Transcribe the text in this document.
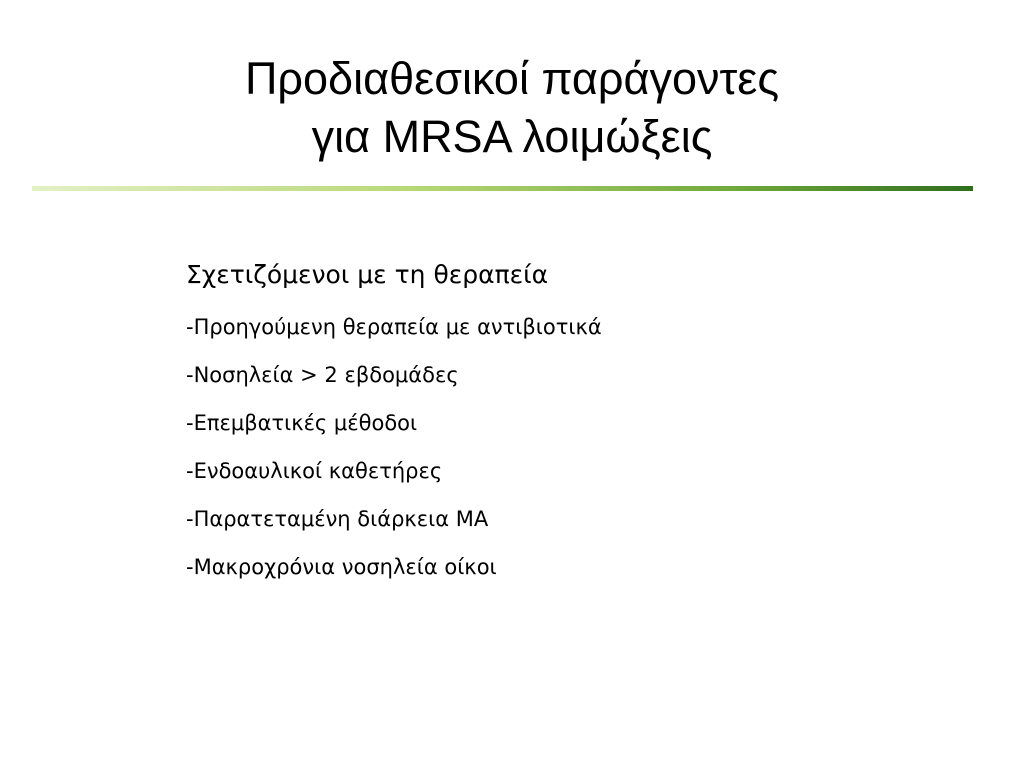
Προδιαθεσικοί παράγοντες
για MRSA λοιμώξεις
Σχετιζόμενοι με τη θεραπεία
-Προηγούμενη θεραπεία με αντιβιοτικά
-Νοσηλεία > 2 εβδομάδες
-Επεμβατικές μέθοδοι
-Ενδοαυλικοί καθετήρες
-Παρατεταμένη διάρκεια ΜΑ
-Μακροχρόνια νοσηλεία οίκοι
